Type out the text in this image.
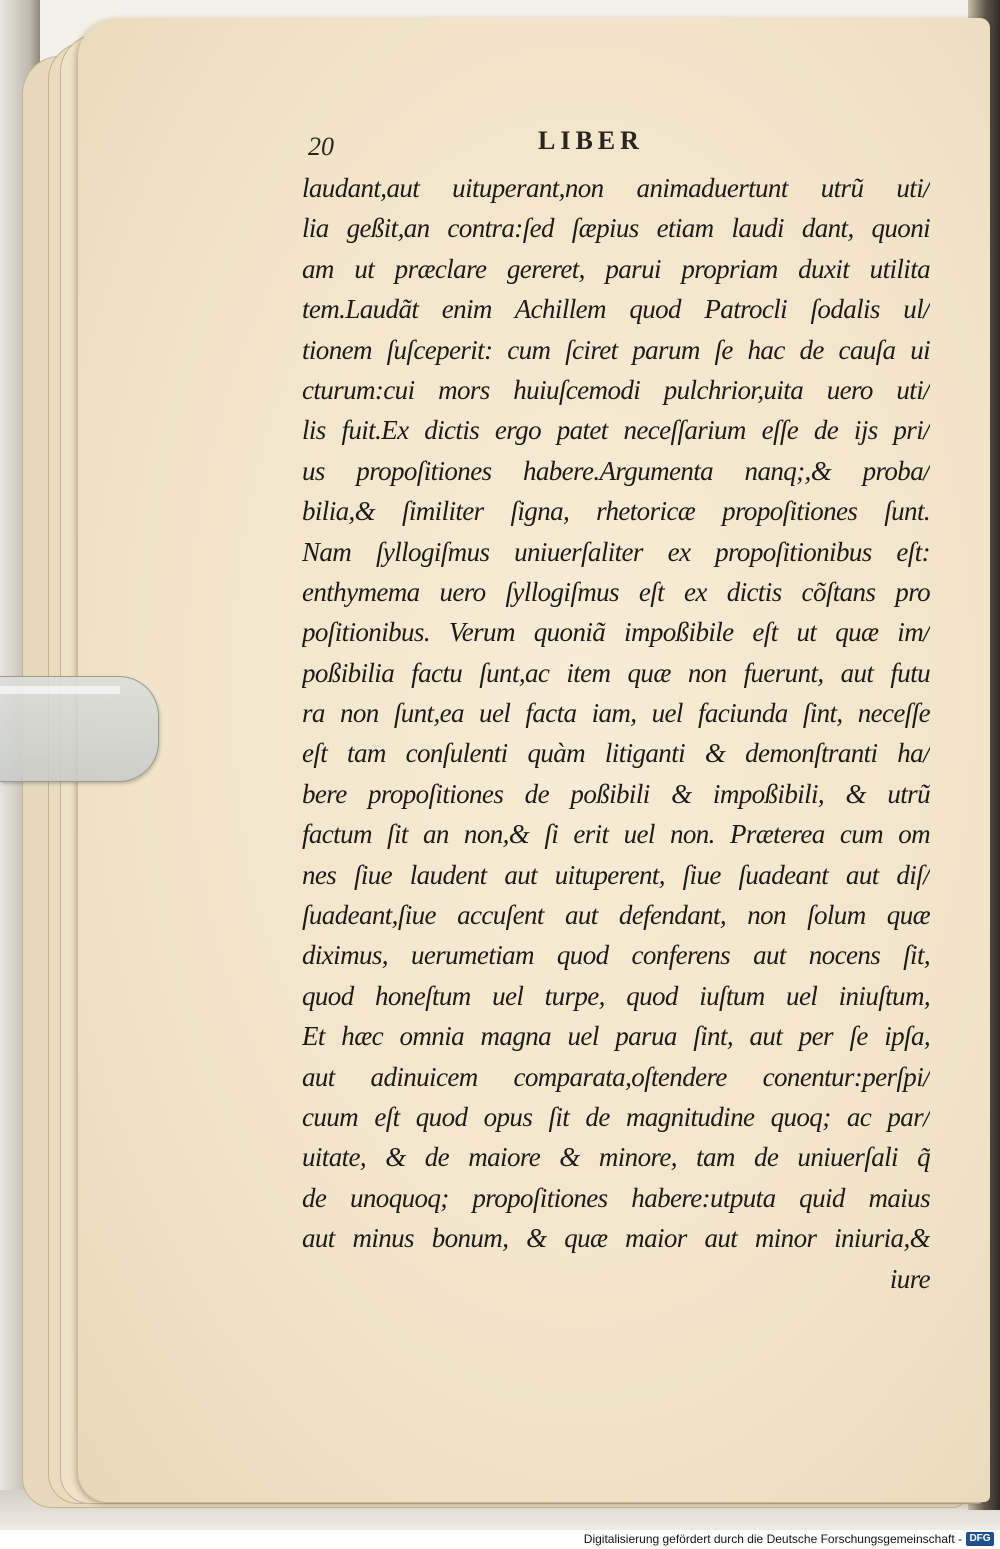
20	LIBER
laudant,aut uituperant,non animaduertunt utrũ uti/
lia geßit,an contra:ſed ſæpius etiam laudi dant, quoni
am ut præclare gereret, parui propriam duxit utilita
tem.Laudãt enim Achillem quod Patrocli ſodalis ul/
tionem ſuſceperit: cum ſciret parum ſe hac de cauſa ui
cturum:cui mors huiuſcemodi pulchrior,uita uero uti/
lis fuit.Ex dictis ergo patet neceſſarium eſſe de ijs pri/
us propoſitiones habere.Argumenta nanq;,& proba/
bilia,& ſimiliter ſigna, rhetoricæ propoſitiones ſunt.
Nam ſyllogiſmus uniuerſaliter ex propoſitionibus eſt:
enthymema uero ſyllogiſmus eſt ex dictis cõſtans pro
poſitionibus. Verum quoniã impoßibile eſt ut quæ im/
poßibilia factu ſunt,ac item quæ non fuerunt, aut futu
ra non ſunt,ea uel facta iam, uel faciunda ſint, neceſſe
eſt tam conſulenti quàm litiganti & demonſtranti ha/
bere propoſitiones de poßibili & impoßibili, & utrũ
factum ſit an non,& ſi erit uel non. Præterea cum om
nes ſiue laudent aut uituperent, ſiue ſuadeant aut diſ/
ſuadeant,ſiue accuſent aut defendant, non ſolum quæ
diximus, uerumetiam quod conferens aut nocens ſit,
quod honeſtum uel turpe, quod iuſtum uel iniuſtum,
Et hæc omnia magna uel parua ſint, aut per ſe ipſa,
aut adinuicem comparata,oſtendere conentur:perſpi/
cuum eſt quod opus ſit de magnitudine quoq; ac par/
uitate, & de maiore & minore, tam de uniuerſali q̃
de unoquoq; propoſitiones habere:utputa quid maius
aut minus bonum, & quæ maior aut minor iniuria,&
iure
Digitalisierung gefördert durch die Deutsche Forschungsgemeinschaft - DFG
